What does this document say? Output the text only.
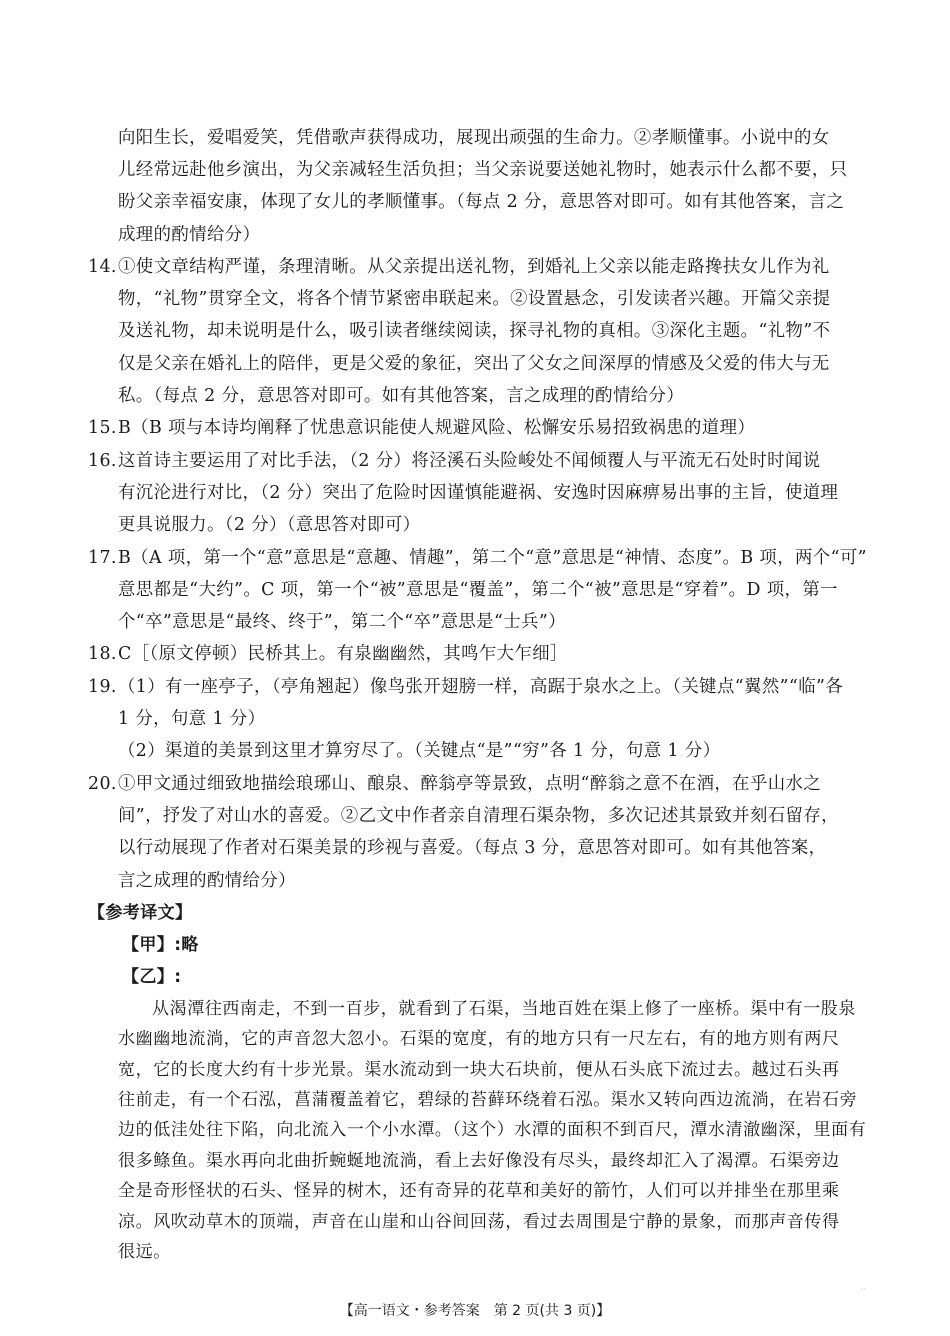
向阳生长，爱唱爱笑，凭借歌声获得成功，展现出顽强的生命力。②孝顺懂事。小说中的女
儿经常远赴他乡演出，为父亲减轻生活负担；当父亲说要送她礼物时，她表示什么都不要，只
盼父亲幸福安康，体现了女儿的孝顺懂事。（每点 2 分，意思答对即可。如有其他答案，言之
成理的酌情给分）
14. ①使文章结构严谨，条理清晰。从父亲提出送礼物，到婚礼上父亲以能走路搀扶女儿作为礼
物，“礼物”贯穿全文，将各个情节紧密串联起来。②设置悬念，引发读者兴趣。开篇父亲提
及送礼物，却未说明是什么，吸引读者继续阅读，探寻礼物的真相。③深化主题。“礼物”不
仅是父亲在婚礼上的陪伴，更是父爱的象征，突出了父女之间深厚的情感及父爱的伟大与无
私。（每点 2 分，意思答对即可。如有其他答案，言之成理的酌情给分）
15. B（B 项与本诗均阐释了忧患意识能使人规避风险、松懈安乐易招致祸患的道理）
16. 这首诗主要运用了对比手法，（2 分）将泾溪石头险峻处不闻倾覆人与平流无石处时时闻说
有沉沦进行对比，（2 分）突出了危险时因谨慎能避祸、安逸时因麻痹易出事的主旨，使道理
更具说服力。（2 分）（意思答对即可）
17. B（A 项，第一个“意”意思是“意趣、情趣”，第二个“意”意思是“神情、态度”。B 项，两个“可”
意思都是“大约”。C 项，第一个“被”意思是“覆盖”，第二个“被”意思是“穿着”。D 项，第一
个“卒”意思是“最终、终于”，第二个“卒”意思是“士兵”）
18. C［（原文停顿）民桥其上。有泉幽幽然，其鸣乍大乍细］
19. （1）有一座亭子，（亭角翘起）像鸟张开翅膀一样，高踞于泉水之上。（关键点“翼然”“临”各
1 分，句意 1 分）
（2）渠道的美景到这里才算穷尽了。（关键点“是”“穷”各 1 分，句意 1 分）
20. ①甲文通过细致地描绘琅琊山、酿泉、醉翁亭等景致，点明“醉翁之意不在酒，在乎山水之
间”，抒发了对山水的喜爱。②乙文中作者亲自清理石渠杂物，多次记述其景致并刻石留存，
以行动展现了作者对石渠美景的珍视与喜爱。（每点 3 分，意思答对即可。如有其他答案，
言之成理的酌情给分）
【参考译文】
【甲】:略
【乙】:
从渴潭往西南走，不到一百步，就看到了石渠，当地百姓在渠上修了一座桥。渠中有一股泉
水幽幽地流淌，它的声音忽大忽小。石渠的宽度，有的地方只有一尺左右，有的地方则有两尺
宽，它的长度大约有十步光景。渠水流动到一块大石块前，便从石头底下流过去。越过石头再
往前走，有一个石泓，菖蒲覆盖着它，碧绿的苔藓环绕着石泓。渠水又转向西边流淌，在岩石旁
边的低洼处往下陷，向北流入一个小水潭。（这个）水潭的面积不到百尺，潭水清澈幽深，里面有
很多鲦鱼。渠水再向北曲折蜿蜒地流淌，看上去好像没有尽头，最终却汇入了渴潭。石渠旁边
全是奇形怪状的石头、怪异的树木，还有奇异的花草和美好的箭竹，人们可以并排坐在那里乘
【高一语文・参考答案　第 2 页(共 3 页)】
··
凉。风吹动草木的顶端，声音在山崖和山谷间回荡，看过去周围是宁静的景象，而那声音传得
很远。
